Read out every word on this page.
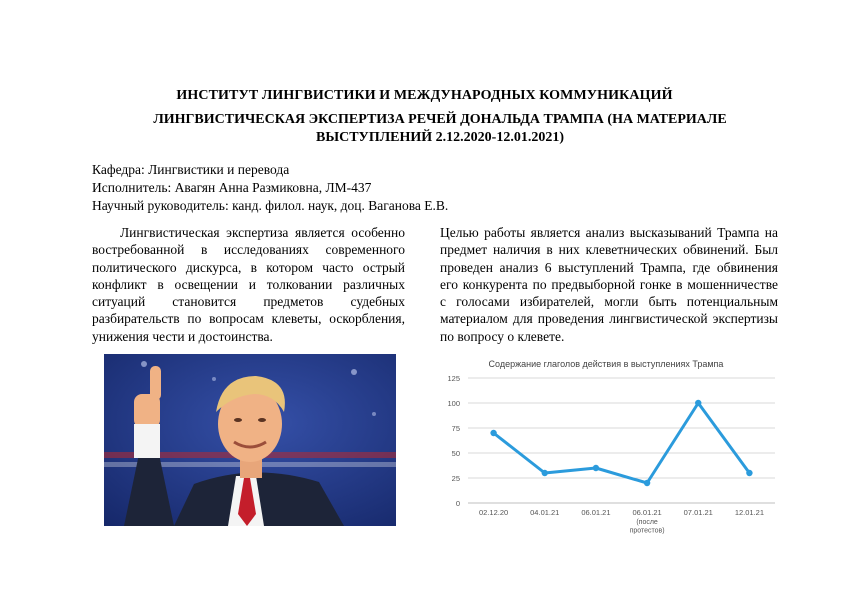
ИНСТИТУТ ЛИНГВИСТИКИ И МЕЖДУНАРОДНЫХ КОММУНИКАЦИЙ
ЛИНГВИСТИЧЕСКАЯ ЭКСПЕРТИЗА РЕЧЕЙ ДОНАЛЬДА ТРАМПА (НА МАТЕРИАЛЕ
ВЫСТУПЛЕНИЙ 2.12.2020-12.01.2021)
Кафедра: Лингвистики и перевода
Исполнитель: Авагян Анна Размиковна, ЛМ-437
Научный руководитель: канд. филол. наук, доц. Ваганова Е.В.
Лингвистическая экспертиза является особенно востребованной в исследованиях современного политического дискурса, в котором часто острый конфликт в освещении и толковании различных ситуаций становится предметов судебных разбирательств по вопросам клеветы, оскорбления, унижения чести и достоинства.
Целью работы является анализ высказываний Трампа на предмет наличия в них клеветнических обвинений. Был проведен анализ 6 выступлений Трампа, где обвинения его конкурента по предвыборной гонке в мошенничестве с голосами избирателей, могли быть потенциальным материалом для проведения лингвистической экспертизы по вопросу о клевете.
Содержание глаголов действия в выступлениях Трампа
0
25
50
75
100
125
02.12.20	04.01.21	06.01.21	06.01.21
(после протестов)
07.01.21	12.01.21
